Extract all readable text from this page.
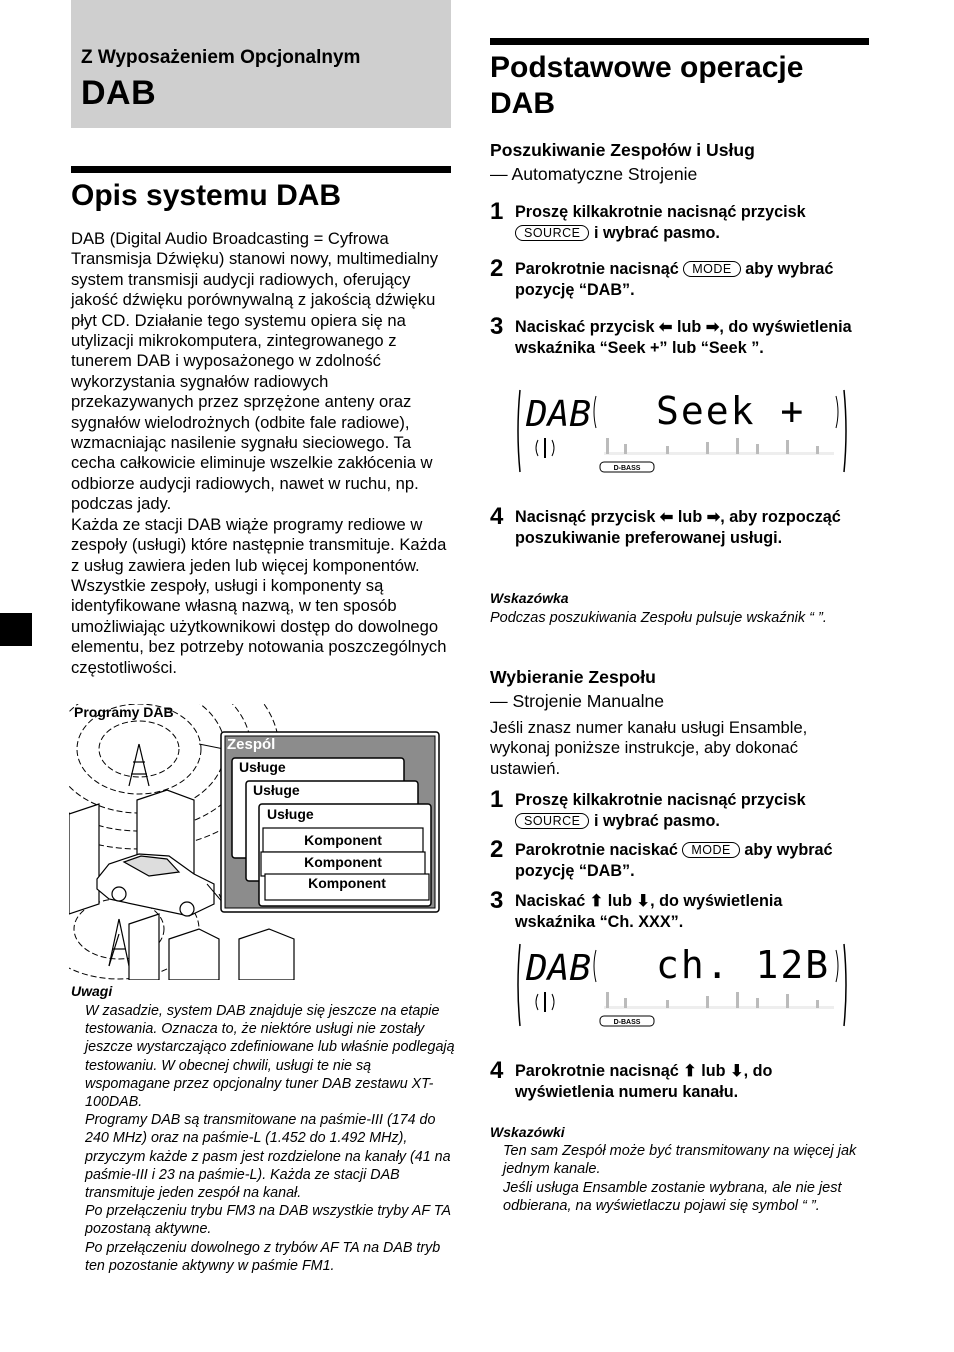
Z Wyposażeniem Opcjonalnym
DAB
Opis systemu DAB
DAB (Digital Audio Broadcasting = Cyfrowa Transmisja Dźwięku) stanowi nowy, multimedialny system transmisji audycji radiowych, oferujący jakość dźwięku porównywalną z jakością dźwięku płyt CD. Działanie tego systemu opiera się na utylizacji mikrokomputera, zintegrowanego z tunerem DAB i wyposażonego w zdolność wykorzystania sygnałów radiowych przekazywanych przez sprzężone anteny oraz sygnałów wielodrożnych (odbite fale radiowe), wzmacniając nasilenie sygnału sieciowego. Ta cecha całkowicie eliminuje wszelkie zakłócenia w odbiorze audycji radiowych, nawet w ruchu, np. podczas jady.
Każda ze stacji DAB wiąże programy rediowe w zespoły (usługi) które następnie transmituje. Każda z usług zawiera jeden lub więcej komponentów. Wszystkie zespoły, usługi i komponenty są identyfikowane własną nazwą, w ten sposób umożliwiając użytkownikowi dostęp do dowolnego elementu, bez potrzeby notowania poszczególnych częstotliwości.
Zespól
Usługe
Usługe
Usługe
Komponent
Komponent
Komponent
Programy DAB
Uwagi

W zasadzie, system DAB znajduje się jeszcze na etapie testowania. Oznacza to, że niektóre usługi nie zostały jeszcze wystarczająco zdefiniowane lub właśnie podlegają testowaniu. W obecnej chwili, usługi te nie są wspomagane przez opcjonalny tuner DAB zestawu XT-100DAB.

Programy DAB są transmitowane na paśmie-III (174 do 240 MHz) oraz na paśmie-L (1.452 do 1.492 MHz), przyczym każde z pasm jest rozdzielone na kanały (41 na paśmie-III i 23 na paśmie-L). Każda ze stacji DAB transmituje jeden zespół na kanał.

Po przełączeniu trybu FM3 na DAB wszystkie tryby AF TA pozostaną aktywne.

Po przełączeniu dowolnego z trybów AF TA na DAB tryb ten pozostanie aktywny w paśmie FM1.

Podstawowe operacje DAB
Poszukiwanie Zespołów i Usług
— Automatyczne Strojenie
1 Proszę kilkakrotnie nacisnąć przycisk SOURCE i wybrać pasmo.
2 Parokrotnie nacisnąć MODE aby wybrać pozycję “DAB”.
3 Naciskać przycisk ⬅ lub ➡, do wyświetlenia wskaźnika “Seek +” lub “Seek ”.
DAB Seek +
D-BASS
4 Nacisnąć przycisk ⬅ lub ➡, aby rozpocząć poszukiwanie preferowanej usługi.
Wskazówka
Podczas poszukiwania Zespołu pulsuje wskaźnik “ ”.
Wybieranie Zespołu
— Strojenie Manualne
Jeśli znasz numer kanału usługi Ensamble, wykonaj poniższe instrukcje, aby dokonać ustawień.
1 Proszę kilkakrotnie nacisnąć przycisk SOURCE i wybrać pasmo.
2 Parokrotnie naciskać MODE aby wybrać pozycję “DAB”.
3 Naciskać ⬆ lub ⬇, do wyświetlenia wskaźnika “Ch. XXX”.
DAB ch. 12B
D-BASS
4 Parokrotnie nacisnąć ⬆ lub ⬇, do wyświetlenia numeru kanału.
Wskazówki
Ten sam Zespół może być transmitowany na więcej jak jednym kanale.
Jeśli usługa Ensamble zostanie wybrana, ale nie jest odbierana, na wyświetlaczu pojawi się symbol “ ”.
